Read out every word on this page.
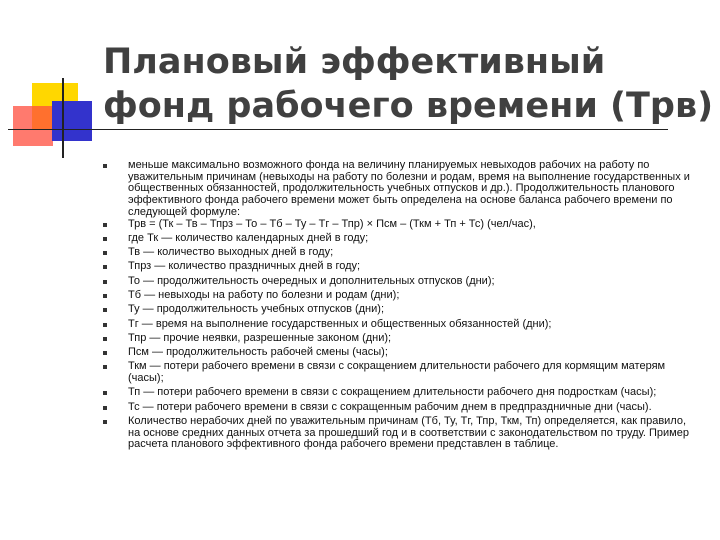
Плановый эффективный
фонд рабочего времени (Трв)
меньше максимально возможного фонда на величину планируемых невыходов рабочих на работу по уважительным причинам (невыходы на работу по болезни и родам, время на выполнение государственных и общественных обязанностей, продолжительность учебных отпусков и др.). Продолжительность планового эффективного фонда рабочего времени может быть определена на основе баланса рабочего времени по следующей формуле:
Трв = (Тк – Тв – Тпрз – То – Тб – Ту – Тг – Тпр) × Псм – (Ткм + Тп + Тс) (чел/час),
где Тк — количество календарных дней в году;
Тв — количество выходных дней в году;
Тпрз — количество праздничных дней в году;
То — продолжительность очередных и дополнительных отпусков (дни);
Тб — невыходы на работу по болезни и родам (дни);
Ту — продолжительность учебных отпусков (дни);
Тг — время на выполнение государственных и общественных обязанностей (дни);
Тпр — прочие неявки, разрешенные законом (дни);
Псм — продолжительность рабочей смены (часы);
Ткм — потери рабочего времени в связи с сокращением длительности рабочего для кормящим матерям (часы);
Тп — потери рабочего времени в связи с сокращением длительности рабочего дня подросткам (часы);
Тс — потери рабочего времени в связи с сокращенным рабочим днем в предпраздничные дни (часы).
Количество нерабочих дней по уважительным причинам (Тб, Ту, Тг, Тпр, Ткм, Тп) определяется, как правило, на основе средних данных отчета за прошедший год и в соответствии с законодательством по труду. Пример расчета планового эффективного фонда рабочего времени представлен в таблице.
